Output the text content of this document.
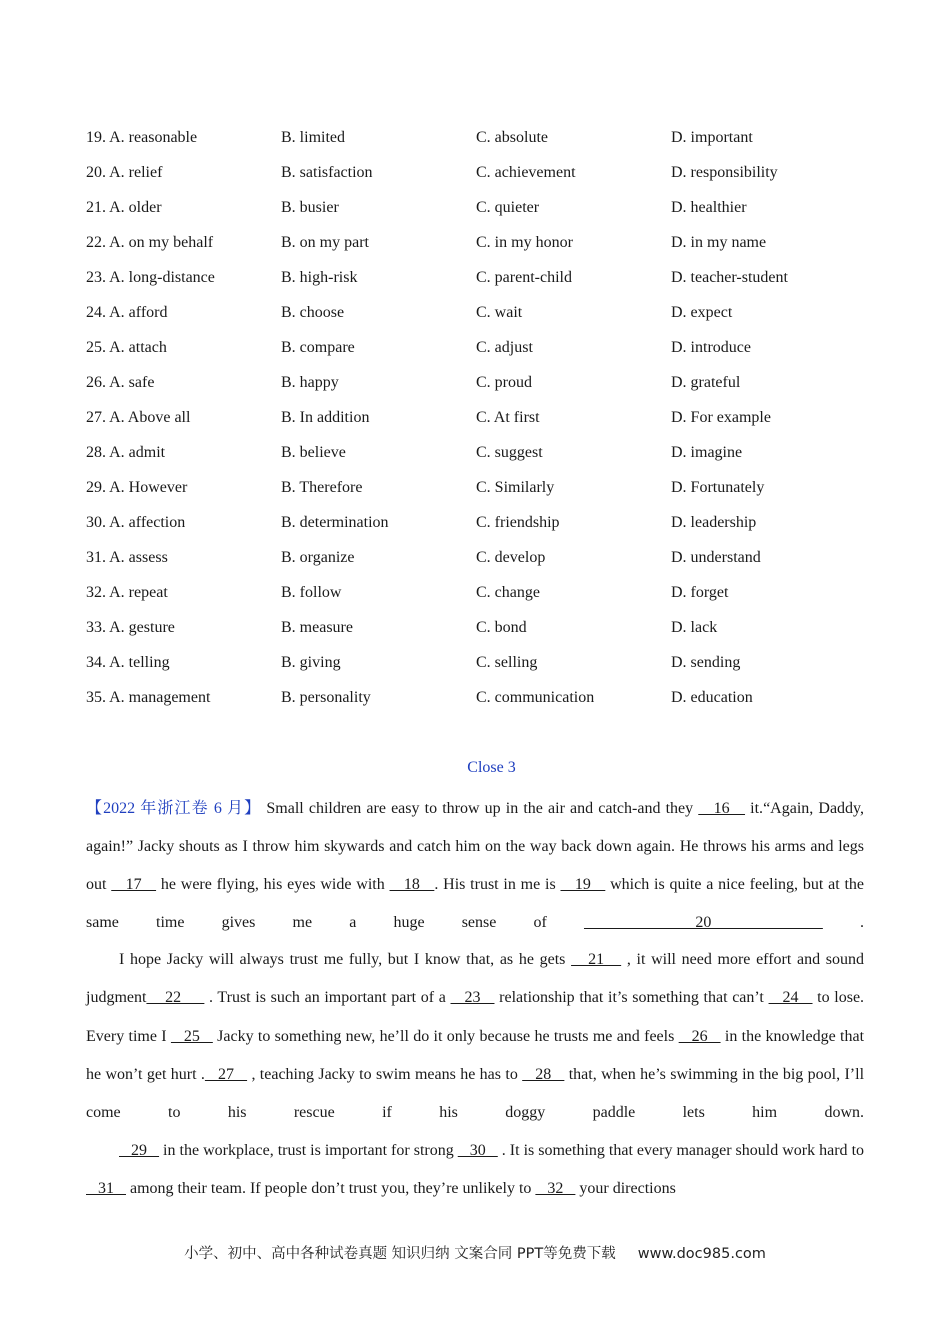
19. A. reasonable	B. limited	C. absolute	D. important
20. A. relief	B. satisfaction	C. achievement	D. responsibility
21. A. older	B. busier	C. quieter	D. healthier
22. A. on my behalf	B. on my part	C. in my honor	D. in my name
23. A. long-distance	B. high-risk	C. parent-child	D. teacher-student
24. A. afford	B. choose	C. wait	D. expect
25. A. attach	B. compare	C. adjust	D. introduce
26. A. safe	B. happy	C. proud	D. grateful
27. A. Above all	B. In addition	C. At first	D. For example
28. A. admit	B. believe	C. suggest	D. imagine
29. A. However	B. Therefore	C. Similarly	D. Fortunately
30. A. affection	B. determination	C. friendship	D. leadership
31. A. assess	B. organize	C. develop	D. understand
32. A. repeat	B. follow	C. change	D. forget
33. A. gesture	B. measure	C. bond	D. lack
34. A. telling	B. giving	C. selling	D. sending
35. A. management	B. personality	C. communication	D. education
Close 3

【2022 年浙江卷 6 月】 Small children are easy to throw up in the air and catch-and they    16    it.“Again, Daddy, again!” Jacky shouts as I throw him skywards and catch him on the way back down again. He throws his arms and legs out    17    he were flying, his eyes wide with    18   . His trust in me is    19    which is quite a nice feeling, but at the same time gives me a huge sense of    20    .

I hope Jacky will always trust me fully, but I know that, as he gets    21    , it will need more effort and sound judgment    22      . Trust is such an important part of a    23    relationship that it’s something that can’t    24    to lose. Every time I    25    Jacky to something new, he’ll do it only because he trusts me and feels    26    in the knowledge that he won’t get hurt .   27    , teaching Jacky to swim means he has to    28    that, when he’s swimming in the big pool, I’ll come to his rescue if his doggy paddle lets him down.

29    in the workplace, trust is important for strong    30    . It is something that every manager should work hard to    31    among their team. If people don’t trust you, they’re unlikely to    32    your directions

小学、初中、高中各种试卷真题 知识归纳 文案合同 PPT等免费下载 www.doc985.com
